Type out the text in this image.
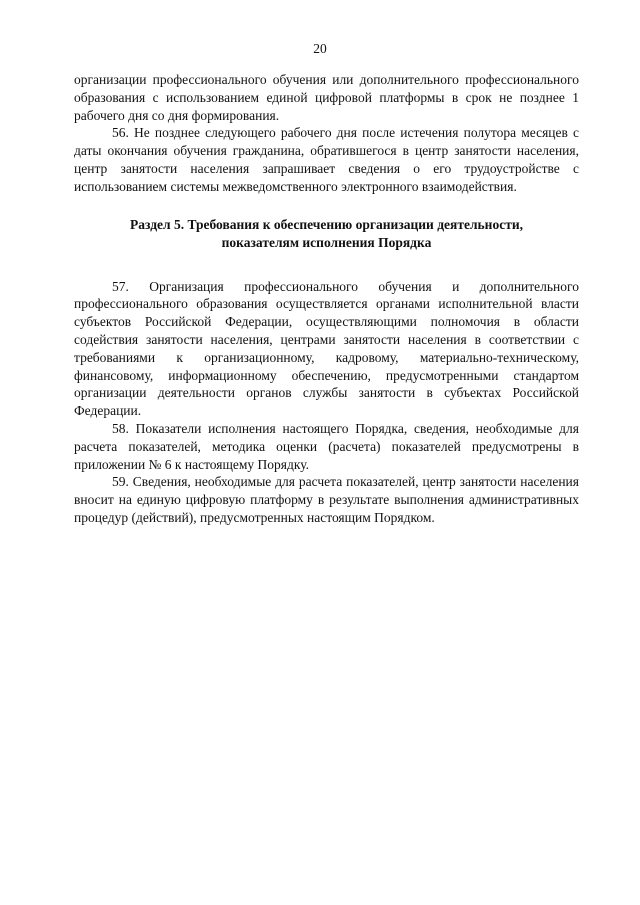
20

организации профессионального обучения или дополнительного профессионального образования с использованием единой цифровой платформы в срок не позднее 1 рабочего дня со дня формирования.

56. Не позднее следующего рабочего дня после истечения полутора месяцев с даты окончания обучения гражданина, обратившегося в центр занятости населения, центр занятости населения запрашивает сведения о его трудоустройстве с использованием системы межведомственного электронного взаимодействия.

Раздел 5. Требования к обеспечению организации деятельности,
показателям исполнения Порядка

57. Организация профессионального обучения и дополнительного профессионального образования осуществляется органами исполнительной власти субъектов Российской Федерации, осуществляющими полномочия в области содействия занятости населения, центрами занятости населения в соответствии с требованиями к организационному, кадровому, материально-техническому, финансовому, информационному обеспечению, предусмотренными стандартом организации деятельности органов службы занятости в субъектах Российской Федерации.

58. Показатели исполнения настоящего Порядка, сведения, необходимые для расчета показателей, методика оценки (расчета) показателей предусмотрены в приложении № 6 к настоящему Порядку.

59. Сведения, необходимые для расчета показателей, центр занятости населения вносит на единую цифровую платформу в результате выполнения административных процедур (действий), предусмотренных настоящим Порядком.
